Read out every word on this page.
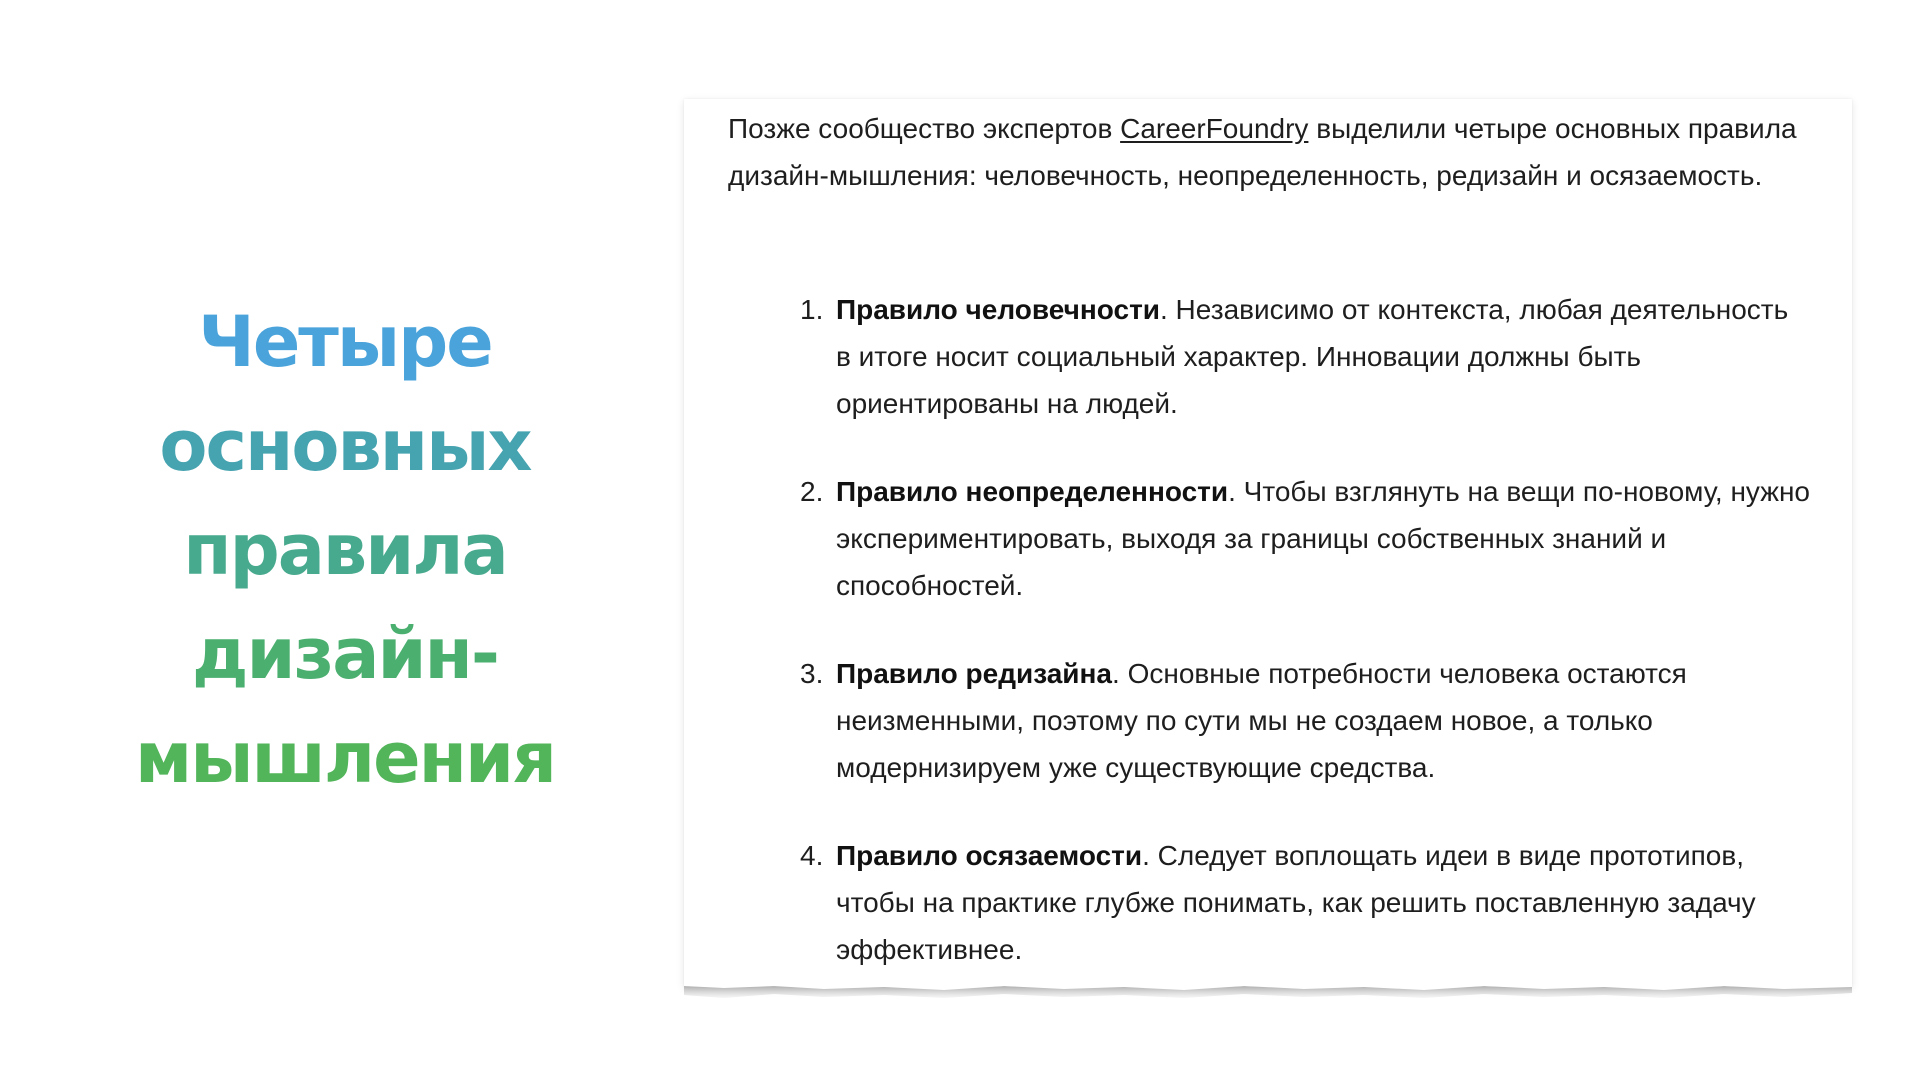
Четыре
основных
правила
дизайн-
мышления

Позже сообщество экспертов CareerFoundry выделили четыре основных правила дизайн-мышления: человечность, неопределенность, редизайн и осязаемость.

1. Правило человечности. Независимо от контекста, любая деятельность в итоге носит социальный характер. Инновации должны быть ориентированы на людей.
2. Правило неопределенности. Чтобы взглянуть на вещи по-новому, нужно экспериментировать, выходя за границы собственных знаний и способностей.
3. Правило редизайна. Основные потребности человека остаются неизменными, поэтому по сути мы не создаем новое, а только модернизируем уже существующие средства.
4. Правило осязаемости. Следует воплощать идеи в виде прототипов, чтобы на практике глубже понимать, как решить поставленную задачу эффективнее.
